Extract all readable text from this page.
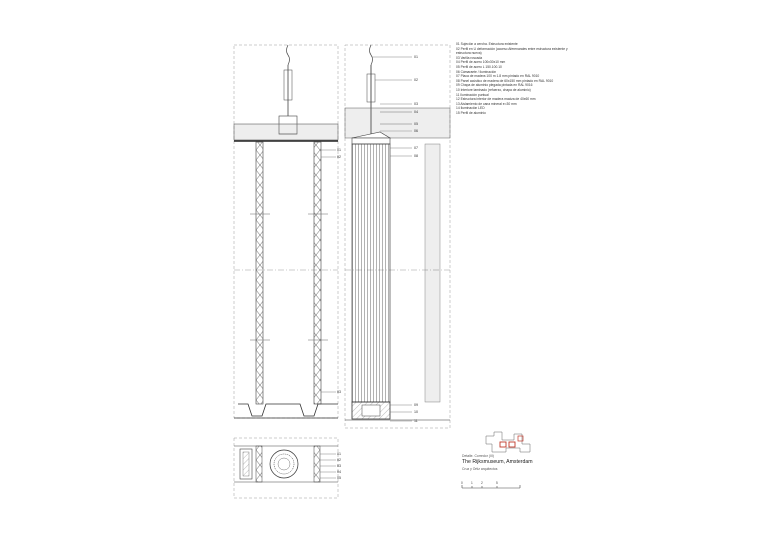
01
02
03
01
02
03
04
05
06
07
08
09
10
11
01
02
03
04
05
0	1	2	5
01 Sujeción a cercha. Estructura existente
02 Perfil en U deformación (acceso Aferenarales entre estructura existente y estructura nueva)
03 Varilla roscada
04 Perfil de acero 100x30x10 mm
05 Perfil de acero L 150.100.10
06 Cámaraete / iluminación
07 Placa de madera 100 m 1.8 mm pintado en RAL 9010
08 Panel acústico de madera de 60x150 mm pintado en RAL 9010
09 Chapa de aluminio plegada pintada en RAL 9016
10 Interiore laminado (refuerzo, chapa de aluminio)
11 Iluminación puntual
12 Estructura interior de madera maciza de 40x60 mm
13 Aislamiento de cana mineral e=30 mm
14 Iluminación LED
15 Perfil de aluminio
Detalle. Corredor (III)
The Rijksmuseum, Amsterdam
Cruz y Ortiz arquitectos
